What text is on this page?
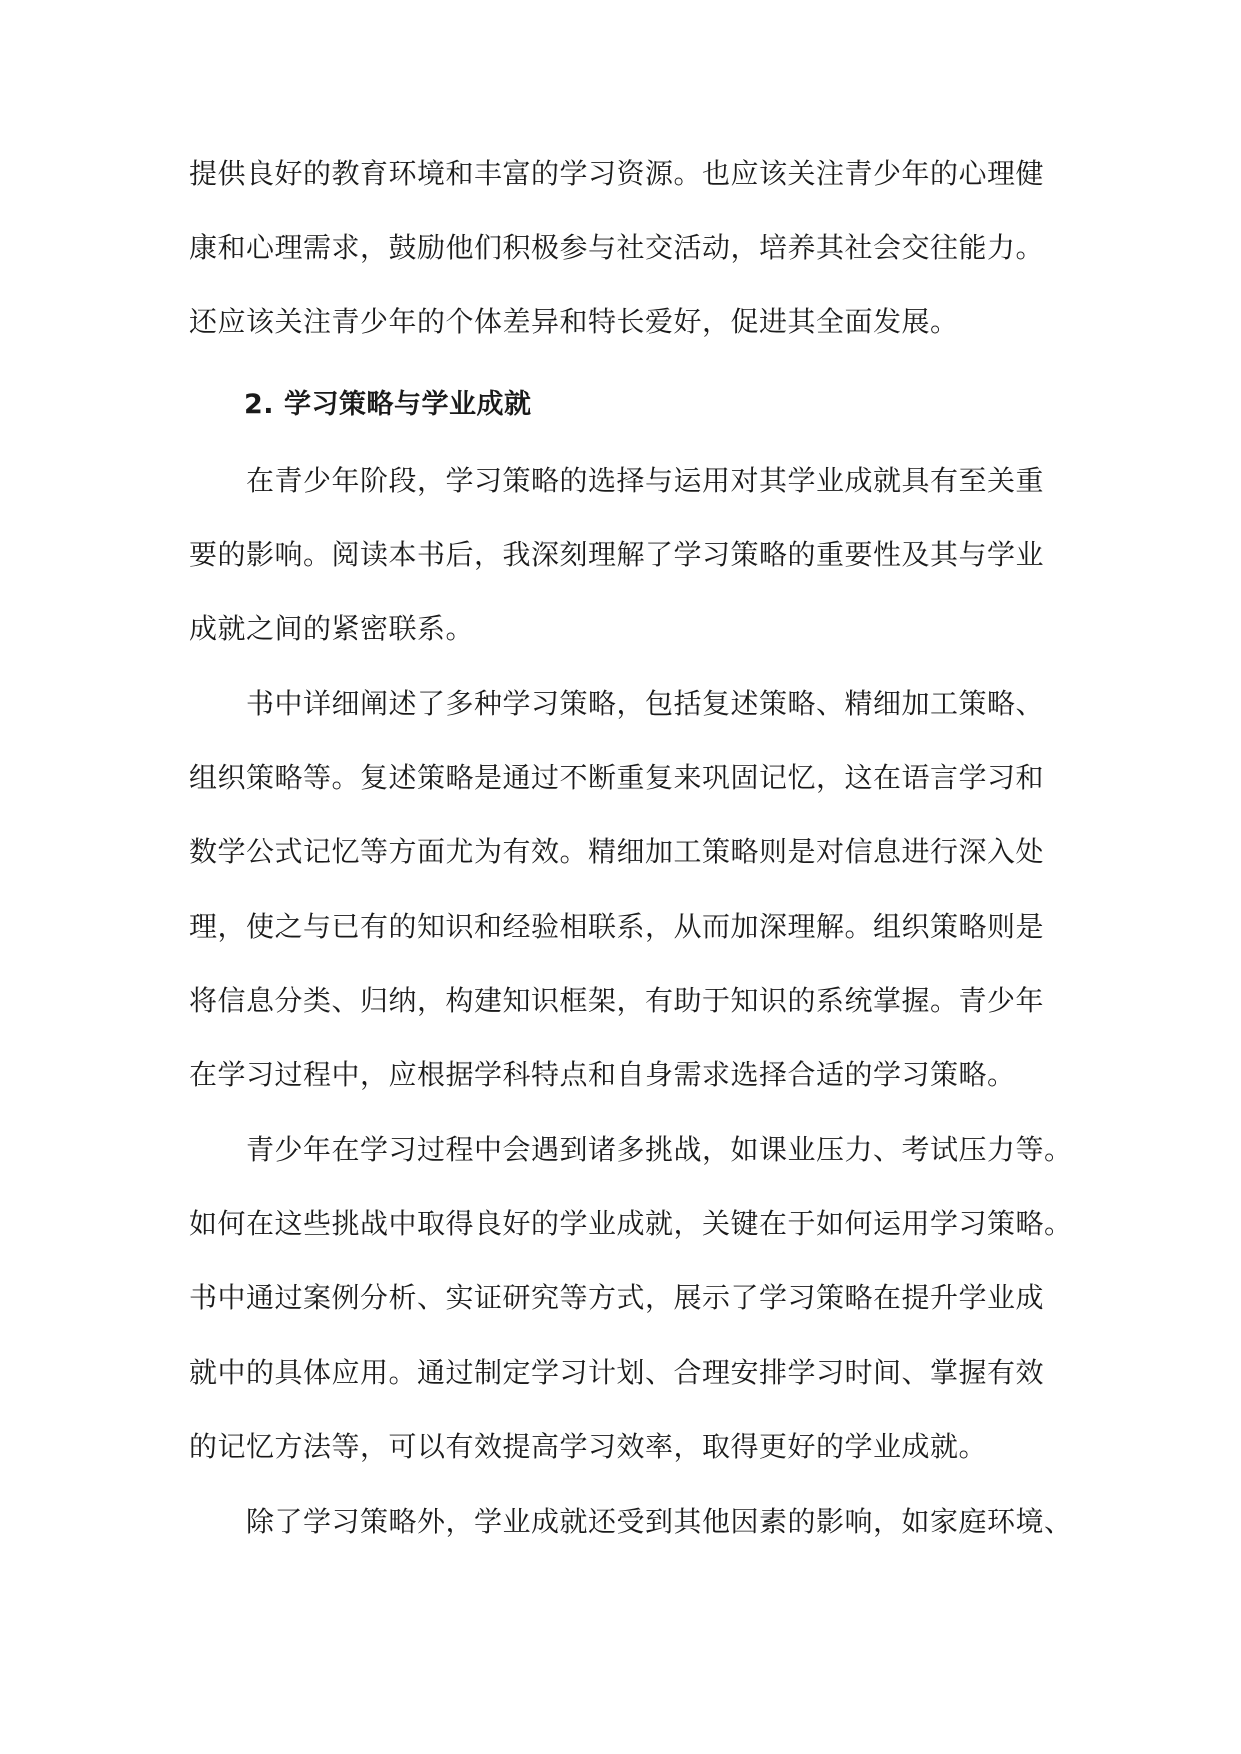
提供良好的教育环境和丰富的学习资源。也应该关注青少年的心理健
康和心理需求，鼓励他们积极参与社交活动，培养其社会交往能力。
还应该关注青少年的个体差异和特长爱好，促进其全面发展。
2. 学习策略与学业成就
在青少年阶段，学习策略的选择与运用对其学业成就具有至关重
要的影响。阅读本书后，我深刻理解了学习策略的重要性及其与学业
成就之间的紧密联系。
书中详细阐述了多种学习策略，包括复述策略、精细加工策略、
组织策略等。复述策略是通过不断重复来巩固记忆，这在语言学习和
数学公式记忆等方面尤为有效。精细加工策略则是对信息进行深入处
理，使之与已有的知识和经验相联系，从而加深理解。组织策略则是
将信息分类、归纳，构建知识框架，有助于知识的系统掌握。青少年
在学习过程中，应根据学科特点和自身需求选择合适的学习策略。
青少年在学习过程中会遇到诸多挑战，如课业压力、考试压力等。
如何在这些挑战中取得良好的学业成就，关键在于如何运用学习策略。
书中通过案例分析、实证研究等方式，展示了学习策略在提升学业成
就中的具体应用。通过制定学习计划、合理安排学习时间、掌握有效
的记忆方法等，可以有效提高学习效率，取得更好的学业成就。
除了学习策略外，学业成就还受到其他因素的影响，如家庭环境、
